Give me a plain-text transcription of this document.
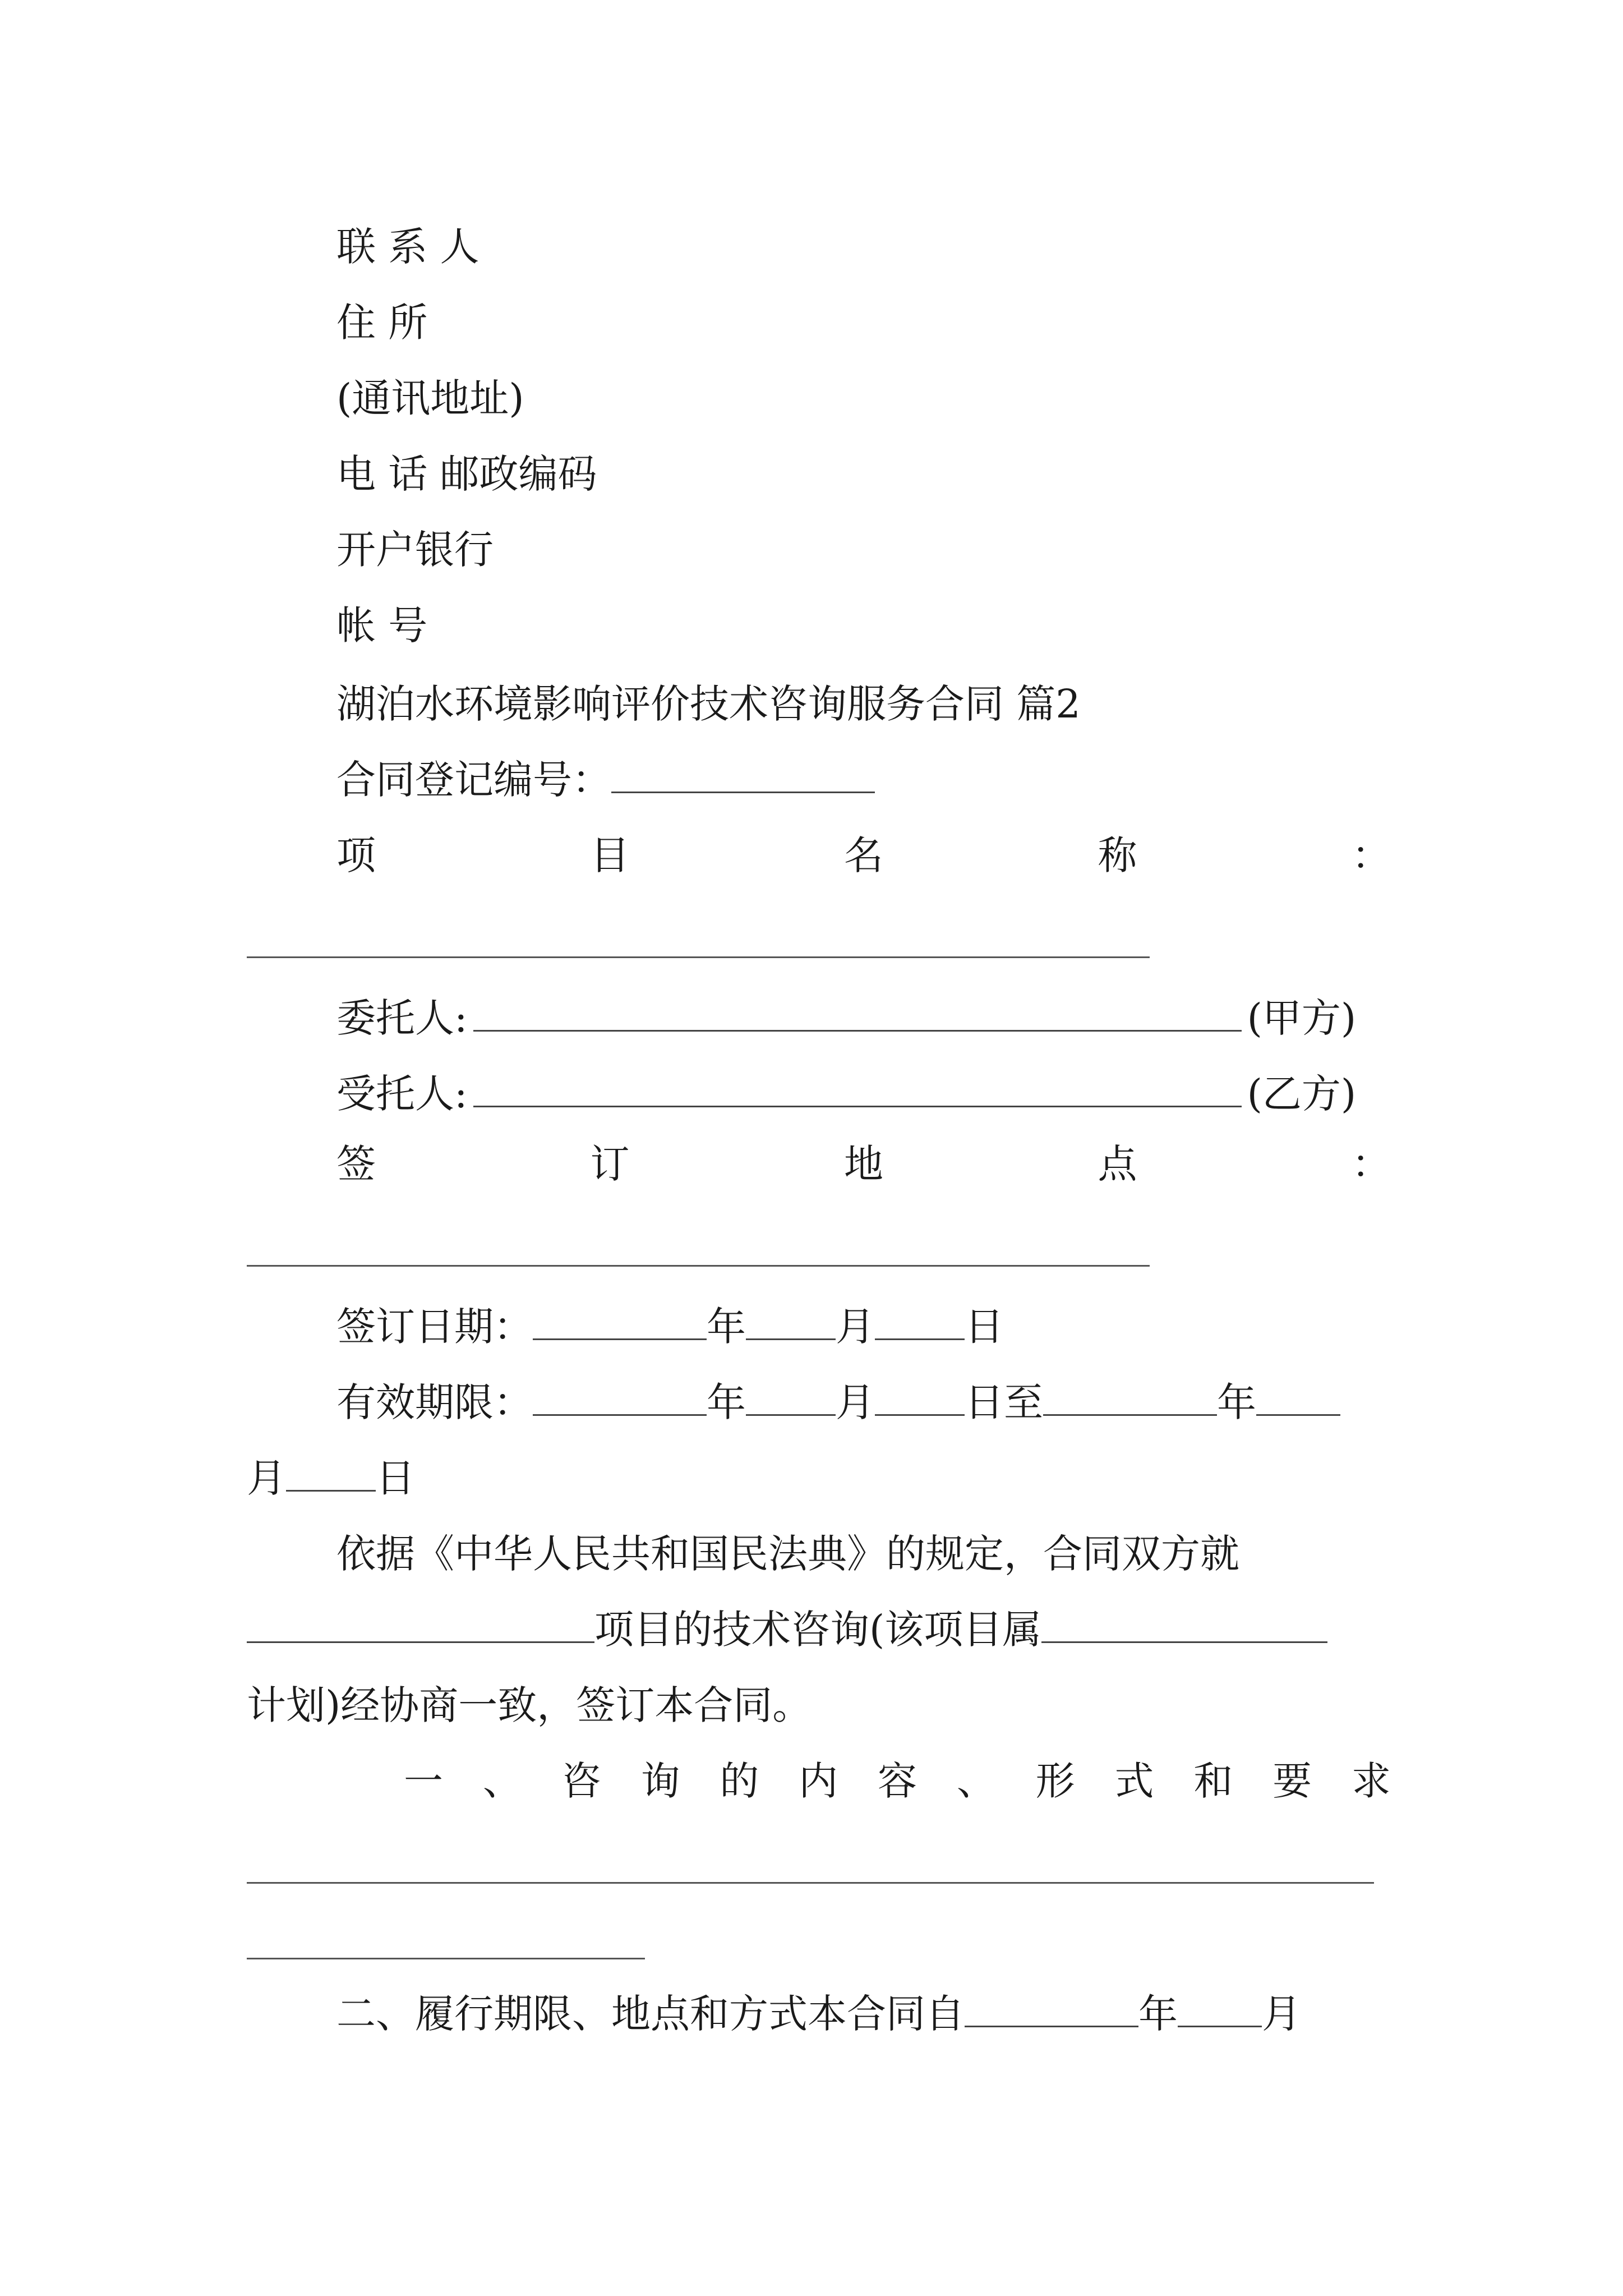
联 系 人
住 所
(通讯地址)
电 话 邮政编码
开户银行
帐 号
湖泊水环境影响评价技术咨询服务合同 篇2
合同登记编号：
项 目 名 称 ：
委托人:	(甲方)
受托人:	(乙方)
签 订 地 点 ：
签订日期：	年 月 日
有效期限：	年 月 日至	年
月 日
依据《中华人民共和国民法典》的规定，合同双方就
项目的技术咨询(该项目属
计划)经协商一致，签订本合同。
一 、 咨 询 的 内 容 、 形 式 和 要 求
二、履行期限、地点和方式本合同自	年 月
